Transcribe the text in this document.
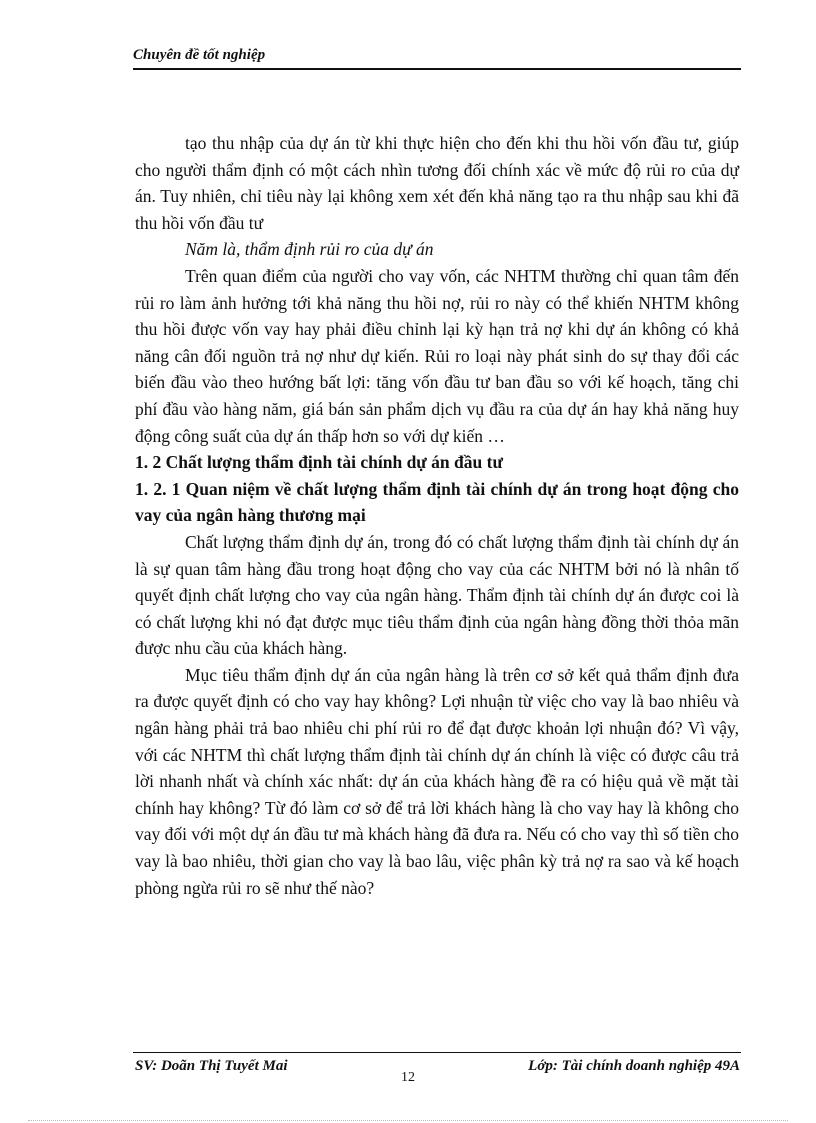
Chuyên đề tốt nghiệp

tạo thu nhập của dự án từ khi thực hiện cho đến khi thu hồi vốn đầu tư, giúp cho người thẩm định có một cách nhìn tương đối chính xác về mức độ rủi ro của dự án. Tuy nhiên, chỉ tiêu này lại không xem xét đến khả năng tạo ra thu nhập sau khi đã thu hồi vốn đầu tư

Năm là, thẩm định rủi ro của dự án

Trên quan điểm của người cho vay vốn, các NHTM thường chỉ quan tâm đến rủi ro làm ảnh hưởng tới khả năng thu hồi nợ, rủi ro này có thể khiến NHTM không thu hồi được vốn vay hay phải điều chỉnh lại kỳ hạn trả nợ khi dự án không có khả năng cân đối nguồn trả nợ như dự kiến. Rủi ro loại này phát sinh do sự thay đổi các biến đầu vào theo hướng bất lợi: tăng vốn đầu tư ban đầu so với kế hoạch, tăng chi phí đầu vào hàng năm, giá bán sản phẩm dịch vụ đầu ra của dự án hay khả năng huy động công suất của dự án thấp hơn so với dự kiến …

1. 2 Chất lượng thẩm định tài chính dự án đầu tư

1. 2. 1 Quan niệm về chất lượng thẩm định tài chính dự án trong hoạt động cho vay của ngân hàng thương mại

Chất lượng thẩm định dự án, trong đó có chất lượng thẩm định tài chính dự án là sự quan tâm hàng đầu trong hoạt động cho vay của các NHTM bởi nó là nhân tố quyết định chất lượng cho vay của ngân hàng. Thẩm định tài chính dự án được coi là có chất lượng khi nó đạt được mục tiêu thẩm định của ngân hàng đồng thời thỏa mãn được nhu cầu của khách hàng.

Mục tiêu thẩm định dự án của ngân hàng là trên cơ sở kết quả thẩm định đưa ra được quyết định có cho vay hay không? Lợi nhuận từ việc cho vay là bao nhiêu và ngân hàng phải trả bao nhiêu chi phí rủi ro để đạt được khoản lợi nhuận đó? Vì vậy, với các NHTM thì chất lượng thẩm định tài chính dự án chính là việc có được câu trả lời nhanh nhất và chính xác nhất: dự án của khách hàng đề ra có hiệu quả về mặt tài chính hay không? Từ đó làm cơ sở để trả lời khách hàng là cho vay hay là không cho vay đối với một dự án đầu tư mà khách hàng đã đưa ra. Nếu có cho vay thì số tiền cho vay là bao nhiêu, thời gian cho vay là bao lâu, việc phân kỳ trả nợ ra sao và kế hoạch phòng ngừa rủi ro sẽ như thế nào?

SV: Doãn Thị Tuyết Mai	Lớp: Tài chính doanh nghiệp 49A
12
